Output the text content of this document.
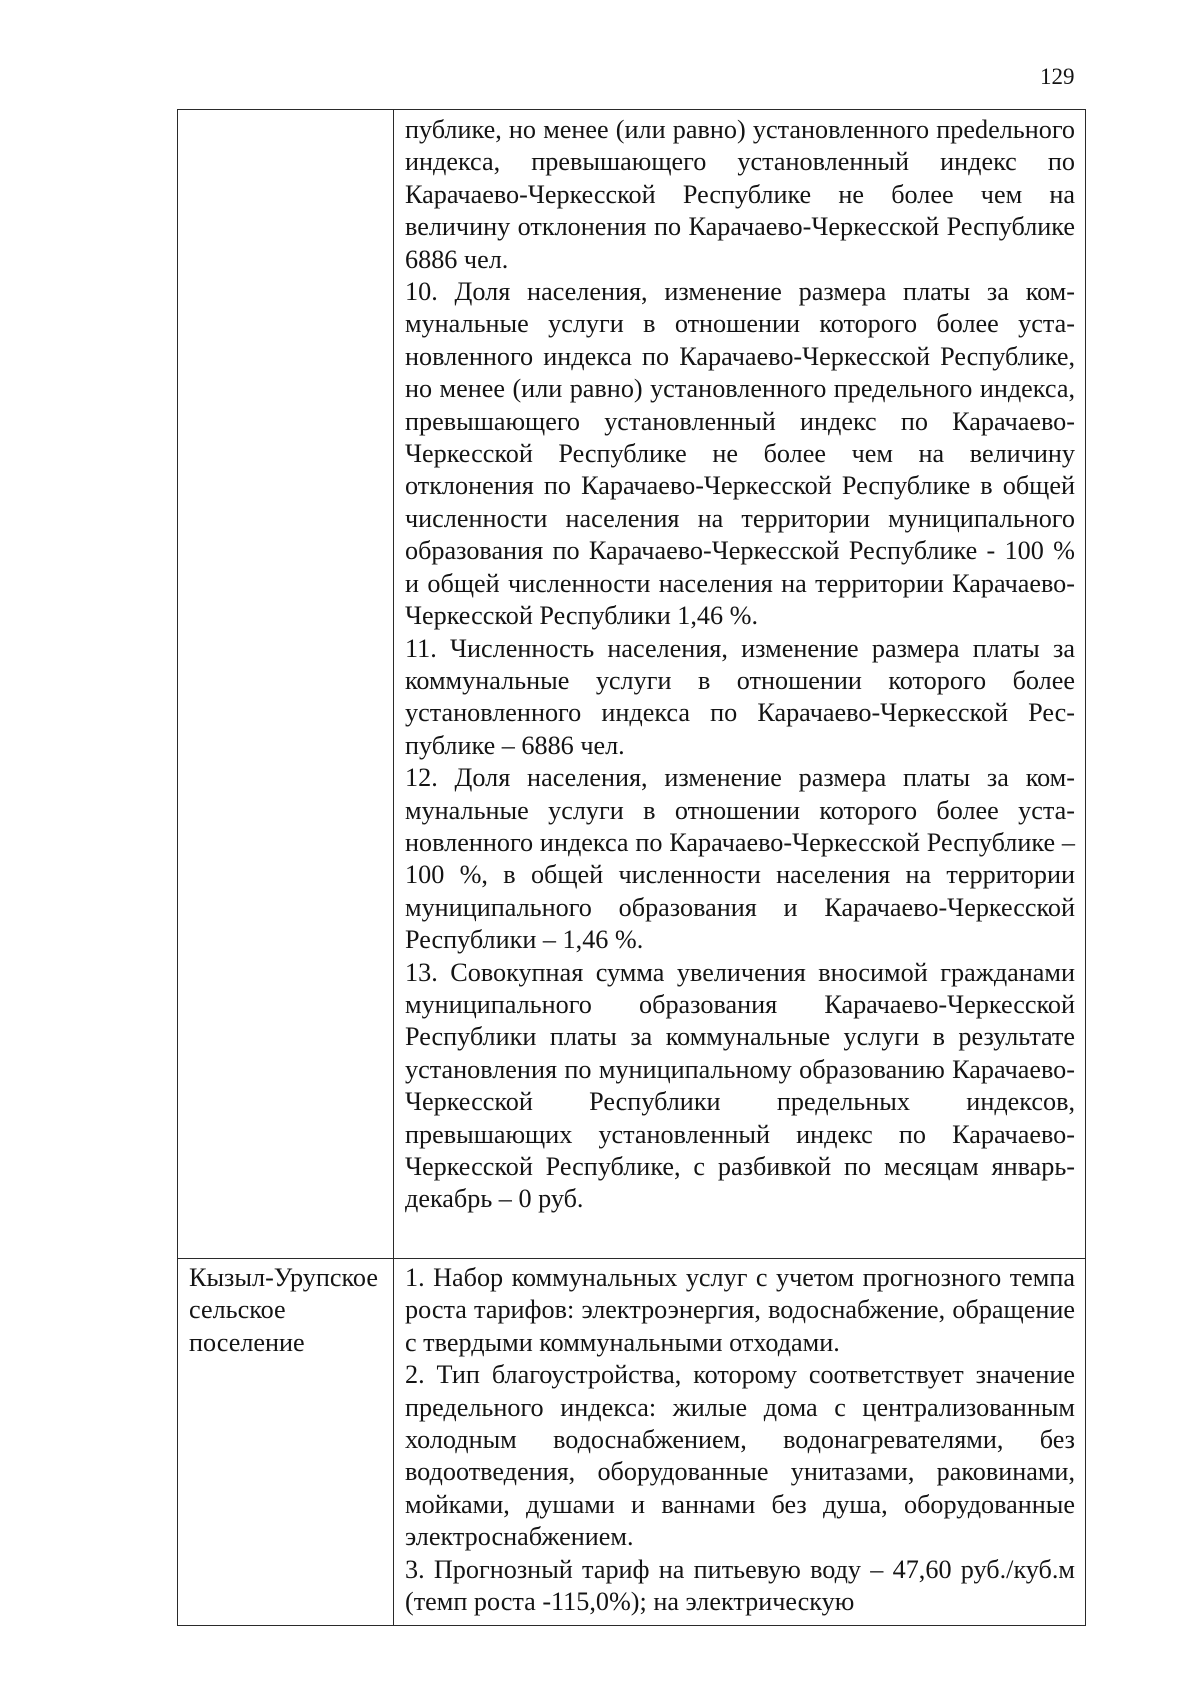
129

	публике, но менее (или равно) установленного преdельного индекса, превышающего установленный индекс по Карачаево-Черкесской Республике не более чем на величину отклонения по Карачаево-Черкесской Республике 6886 чел.

10. Доля населения, изменение размера платы за коммунальные услуги в отношении которого более установленного индекса по Карачаево-Черкесской Республике, но менее (или равно) установленного предельного индекса, превышающего установленный индекс по Карачаево-Черкесской Республике не более чем на величину отклонения по Карачаево-Черкесской Республике в общей численности населения на территории муниципального образования по Карачаево-Черкесской Республике - 100 % и общей численности населения на территории Карачаево-Черкесской Республики 1,46 %.

11. Численность населения, изменение размера платы за коммунальные услуги в отношении которого более установленного индекса по Карачаево-Черкесской Республике – 6886 чел.

12. Доля населения, изменение размера платы за коммунальные услуги в отношении которого более установленного индекса по Карачаево-Черкесской Республике – 100 %, в общей численности населения на территории муниципального образования и Карачаево-Черкесской Республики – 1,46 %.

13. Совокупная сумма увеличения вносимой гражданами муниципального образования Карачаево-Черкесской Республики платы за коммунальные услуги в результате установления по муниципальному образованию Карачаево-Черкесской Республики предельных индексов, превышающих установленный индекс по Карачаево-Черкесской Республике, с разбивкой по месяцам январь-декабрь – 0 руб.

Кызыл-Урупское сельское поселение	1. Набор коммунальных услуг с учетом прогнозного темпа роста тарифов: электроэнергия, водоснабжение, обращение с твердыми коммунальными отходами.

2. Тип благоустройства, которому соответствует значение предельного индекса: жилые дома с централизованным холодным водоснабжением, водонагревателями, без водоотведения, оборудованные унитазами, раковинами, мойками, душами и ваннами без душа, оборудованные электроснабжением.

3. Прогнозный тариф на питьевую воду – 47,60 руб./куб.м (темп роста -115,0%); на электрическую
